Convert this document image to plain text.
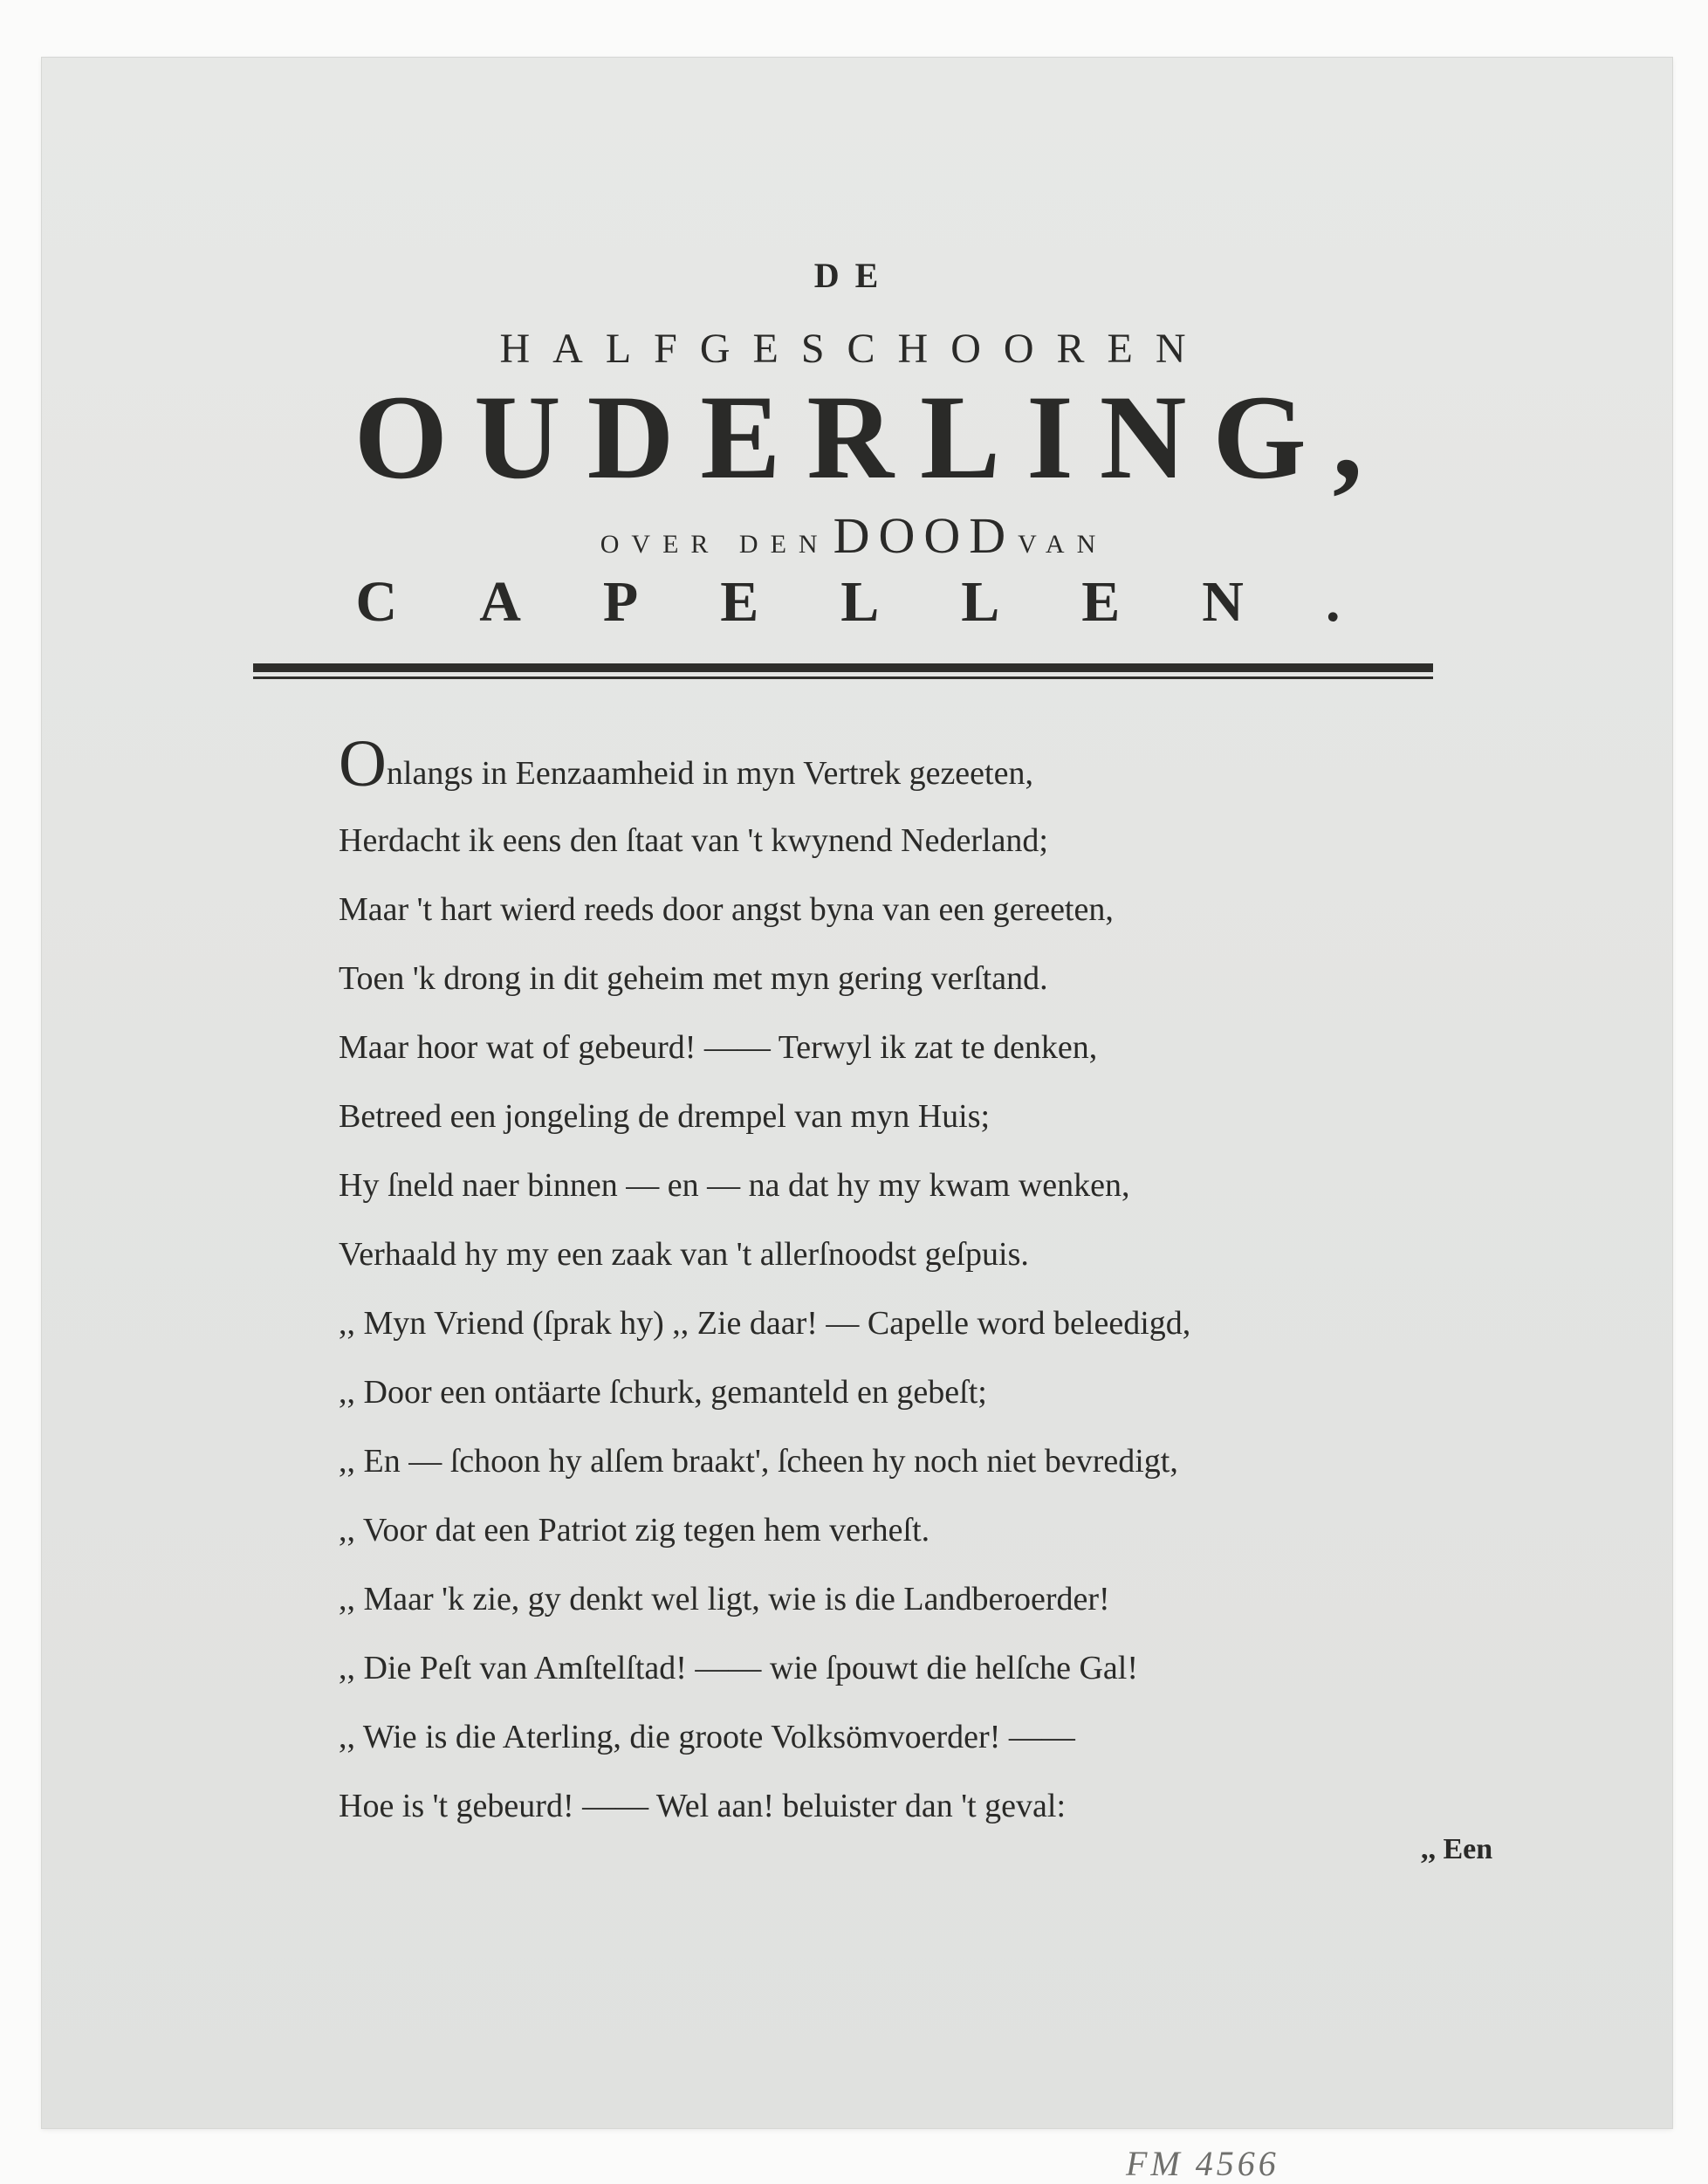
DE
HALFGESCHOOREN
OUDERLING,
OVER DEN DOOD VAN
CAPELLEN.
Onlangs in Eenzaamheid in myn Vertrek gezeeten,
Herdacht ik eens den ſtaat van 't kwynend Nederland;
Maar 't hart wierd reeds door angst byna van een gereeten,
Toen 'k drong in dit geheim met myn gering verſtand.
Maar hoor wat of gebeurd! —— Terwyl ik zat te denken,
Betreed een jongeling de drempel van myn Huis;
Hy ſneld naer binnen — en — na dat hy my kwam wenken,
Verhaald hy my een zaak van 't allerſnoodst geſpuis.
,, Myn Vriend (ſprak hy) ,, Zie daar! — Capelle word beleedigd,
,, Door een ontäarte ſchurk, gemanteld en gebeſt;
,, En — ſchoon hy alſem braakt', ſcheen hy noch niet bevredigt,
,, Voor dat een Patriot zig tegen hem verheſt.
,, Maar 'k zie, gy denkt wel ligt, wie is die Landberoerder!
,, Die Peſt van Amſtelſtad! —— wie ſpouwt die helſche Gal!
,, Wie is die Aterling, die groote Volksömvoerder! ——
Hoe is 't gebeurd! —— Wel aan! beluister dan 't geval:
,, Een
FM 4566
